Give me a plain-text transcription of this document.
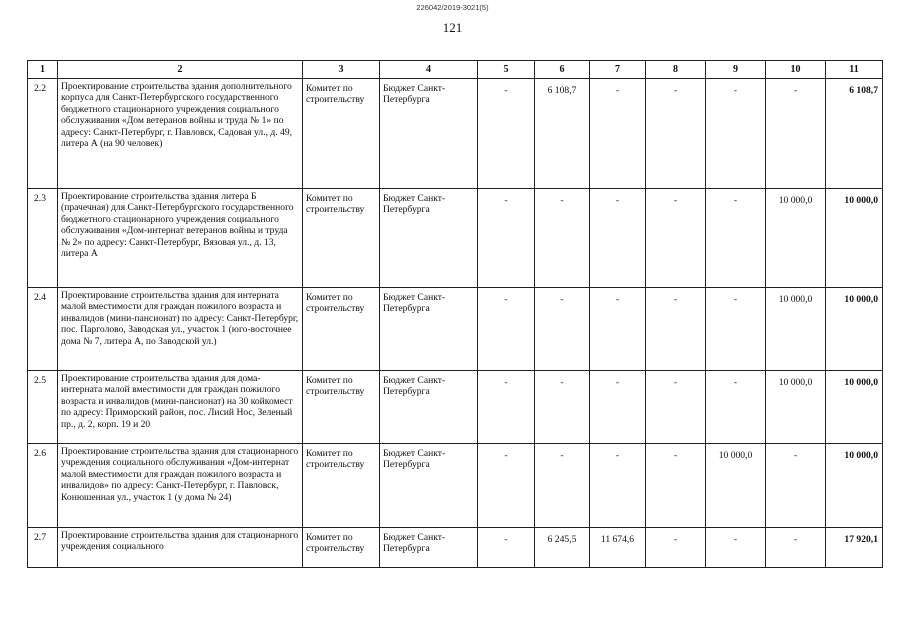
226042/2019-3021(5)
121
1	2	3	4	5	6	7	8	9	10	11
2.2	Проектирование строительства здания дополнительного корпуса для Санкт-Петербургского государственного бюджетного стационарного учреждения социального обслуживания «Дом ветеранов войны и труда № 1» по адресу: Санкт-Петербург, г. Павловск, Садовая ул., д. 49, литера А (на 90 человек)	Комитет по строительству	Бюджет Санкт-Петербурга	-	6 108,7	-	-	-	-	6 108,7
2.3	Проектирование строительства здания литера Б (прачечная) для Санкт-Петербургского государственного бюджетного стационарного учреждения социального обслуживания «Дом-интернат ветеранов войны и труда № 2» по адресу: Санкт-Петербург, Вязовая ул., д. 13, литера А	Комитет по строительству	Бюджет Санкт-Петербурга	-	-	-	-	-	10 000,0	10 000,0
2.4	Проектирование строительства здания для интерната малой вместимости для граждан пожилого возраста и инвалидов (мини-пансионат) по адресу: Санкт-Петербург, пос. Парголово, Заводская ул., участок 1 (юго-восточнее дома № 7, литера А, по Заводской ул.)	Комитет по строительству	Бюджет Санкт-Петербурга	-	-	-	-	-	10 000,0	10 000,0
2.5	Проектирование строительства здания для дома-интерната малой вместимости для граждан пожилого возраста и инвалидов (мини-пансионат) на 30 койкомест по адресу: Приморский район, пос. Лисий Нос, Зеленый пр., д. 2, корп. 19 и 20	Комитет по строительству	Бюджет Санкт-Петербурга	-	-	-	-	-	10 000,0	10 000,0
2.6	Проектирование строительства здания для стационарного учреждения социального обслуживания «Дом-интернат малой вместимости для граждан пожилого возраста и инвалидов» по адресу: Санкт-Петербург, г. Павловск, Конюшенная ул., участок 1 (у дома № 24)	Комитет по строительству	Бюджет Санкт-Петербурга	-	-	-	-	10 000,0	-	10 000,0
2.7	Проектирование строительства здания для стационарного учреждения социального	Комитет по строительству	Бюджет Санкт-Петербурга	-	6 245,5	11 674,6	-	-	-	17 920,1
